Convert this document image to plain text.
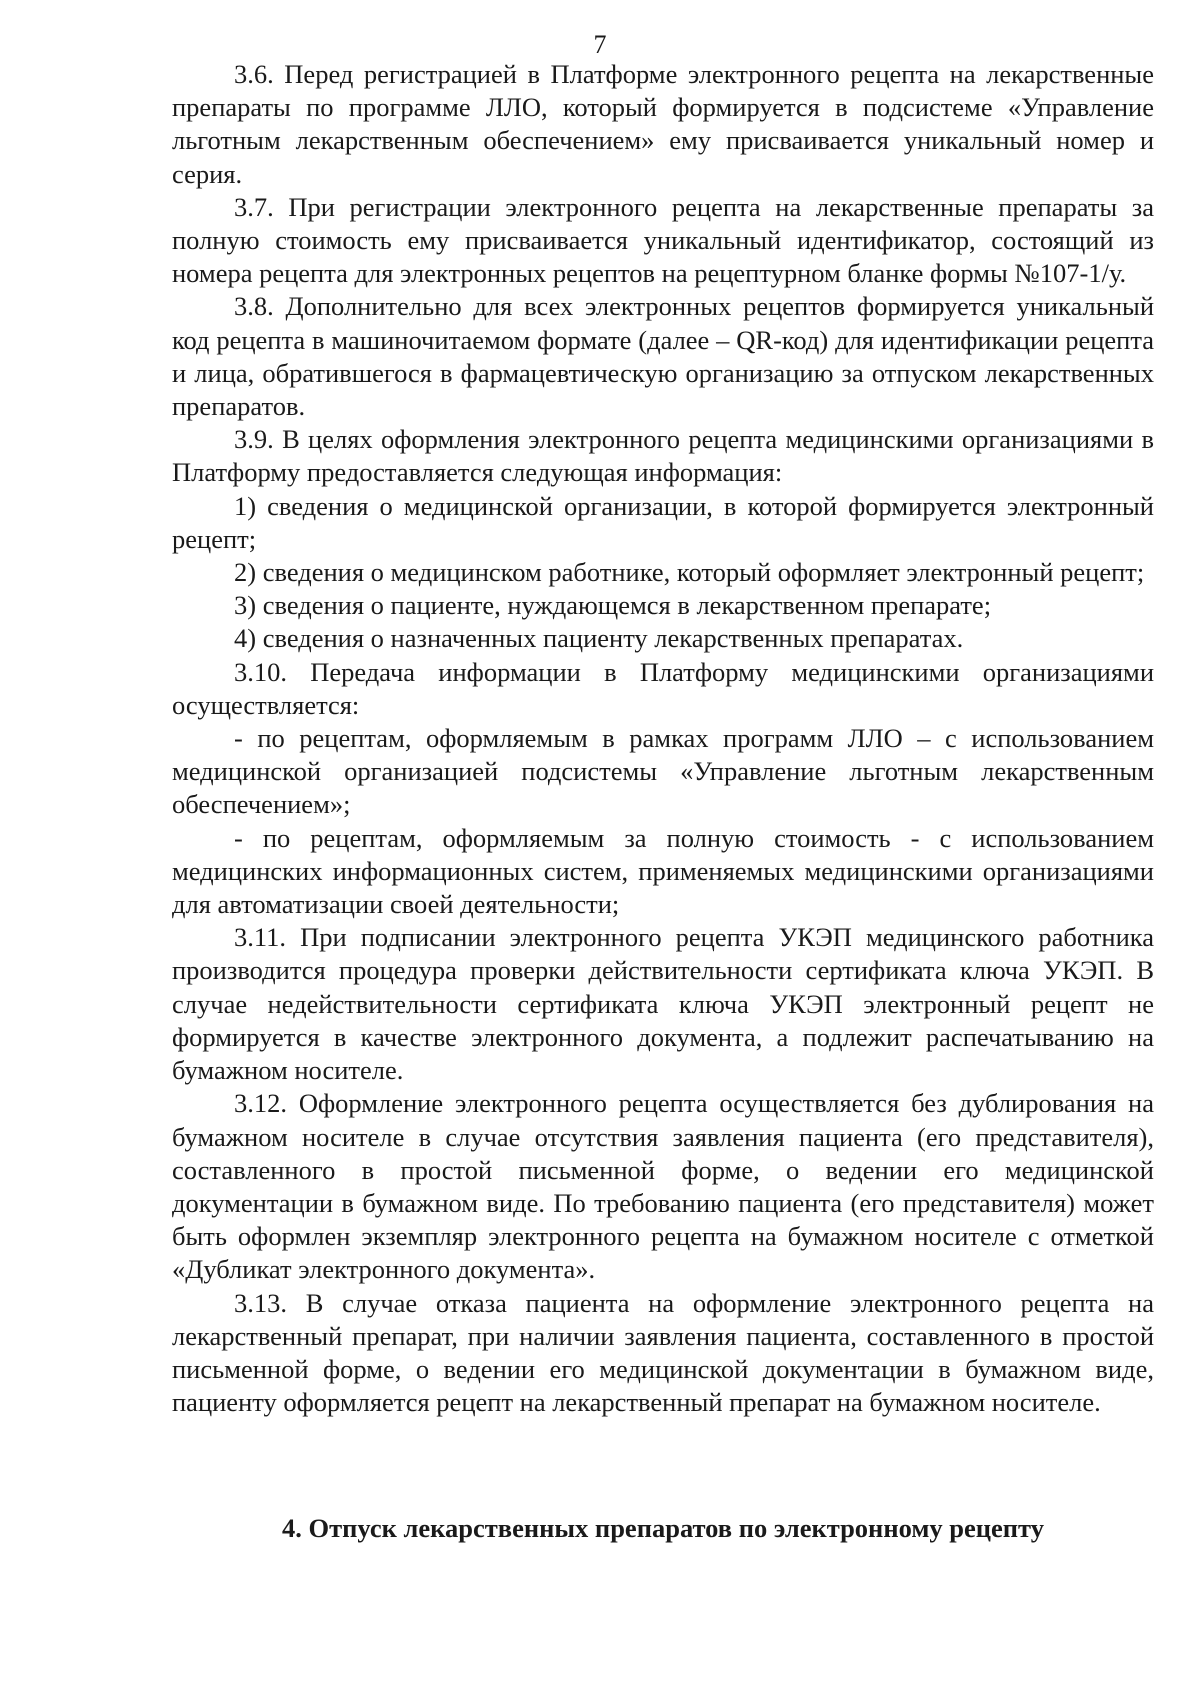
7

3.6. Перед регистрацией в Платформе электронного рецепта на лекарственные препараты по программе ЛЛО, который формируется в подсистеме «Управление льготным лекарственным обеспечением» ему присваивается уникальный номер и серия.

3.7. При регистрации электронного рецепта на лекарственные препараты за полную стоимость ему присваивается уникальный идентификатор, состоящий из номера рецепта для электронных рецептов на рецептурном бланке формы №107-1/у.

3.8. Дополнительно для всех электронных рецептов формируется уникальный код рецепта в машиночитаемом формате (далее – QR-код) для идентификации рецепта и лица, обратившегося в фармацевтическую организацию за отпуском лекарственных препаратов.

3.9. В целях оформления электронного рецепта медицинскими организациями в Платформу предоставляется следующая информация:

1) сведения о медицинской организации, в которой формируется электронный рецепт;

2) сведения о медицинском работнике, который оформляет электронный рецепт;

3) сведения о пациенте, нуждающемся в лекарственном препарате;

4) сведения о назначенных пациенту лекарственных препаратах.

3.10. Передача информации в Платформу медицинскими организациями осуществляется:

- по рецептам, оформляемым в рамках программ ЛЛО – с использованием медицинской организацией подсистемы «Управление льготным лекарственным обеспечением»;

- по рецептам, оформляемым за полную стоимость - с использованием медицинских информационных систем, применяемых медицинскими организациями для автоматизации своей деятельности;

3.11. При подписании электронного рецепта УКЭП медицинского работника производится процедура проверки действительности сертификата ключа УКЭП. В случае недействительности сертификата ключа УКЭП электронный рецепт не формируется в качестве электронного документа, а подлежит распечатыванию на бумажном носителе.

3.12. Оформление электронного рецепта осуществляется без дублирования на бумажном носителе в случае отсутствия заявления пациента (его представителя), составленного в простой письменной форме, о ведении его медицинской документации в бумажном виде. По требованию пациента (его представителя) может быть оформлен экземпляр электронного рецепта на бумажном носителе с отметкой «Дубликат электронного документа».

3.13. В случае отказа пациента на оформление электронного рецепта на лекарственный препарат, при наличии заявления пациента, составленного в простой письменной форме, о ведении его медицинской документации в бумажном виде, пациенту оформляется рецепт на лекарственный препарат на бумажном носителе.

4. Отпуск лекарственных препаратов по электронному рецепту
